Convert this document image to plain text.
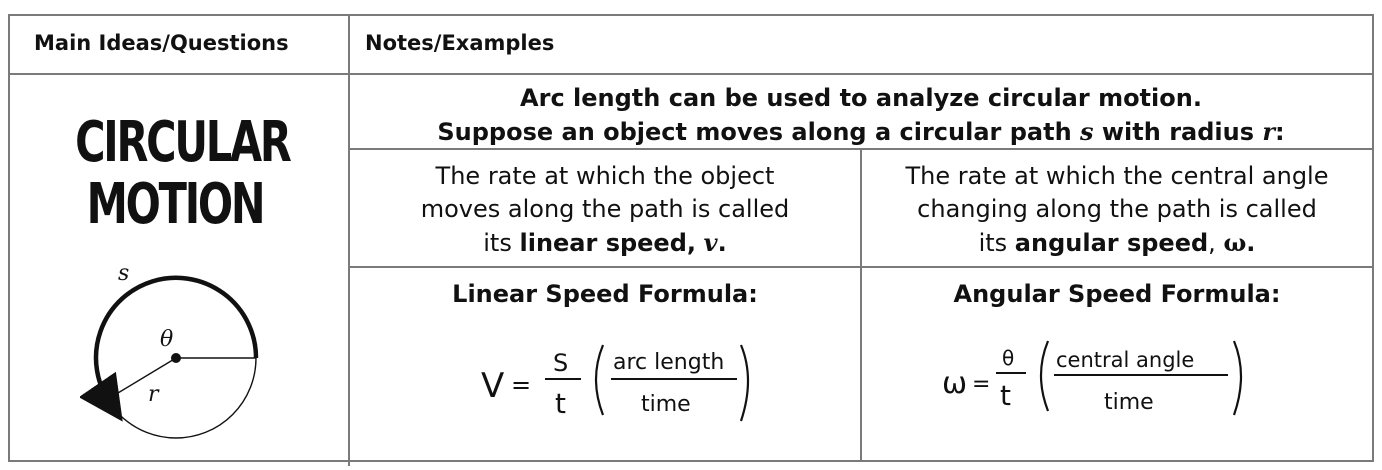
Main Ideas/Questions	Notes/Examples
CIRCULAR
MOTION
s
θ
r
Arc length can be used to analyze circular motion.
Suppose an object moves along a circular path s with radius r:
The rate at which the object
moves along the path is called
its linear speed, v.
The rate at which the central angle
changing along the path is called
its angular speed, ω.
Linear Speed Formula:	Angular Speed Formula:
V =
S
t
arc length
time
ω =
θ
t
central angle
time
